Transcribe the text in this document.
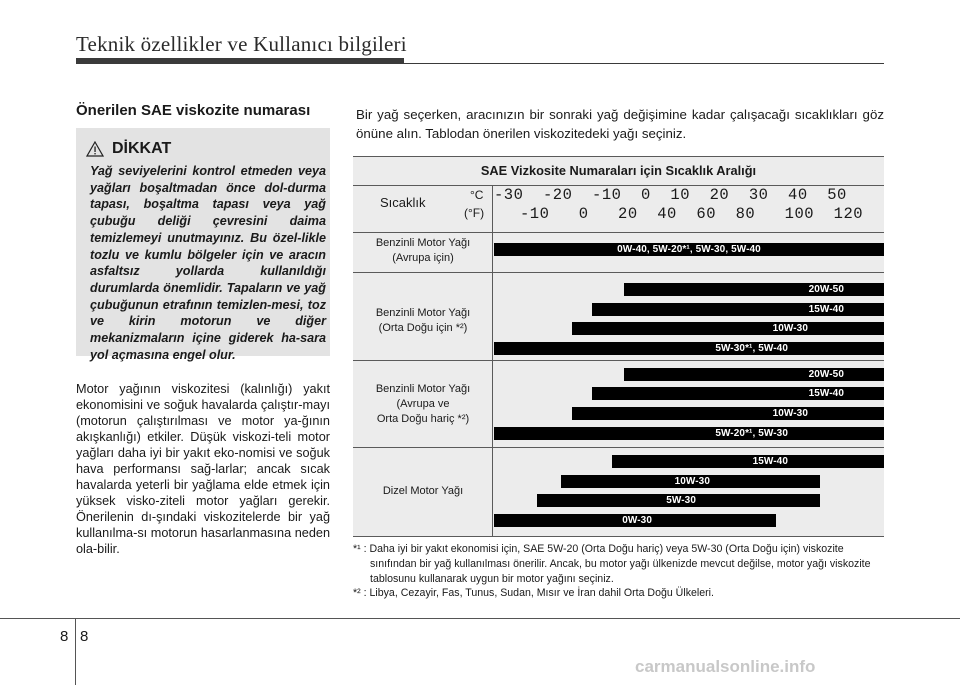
Teknik özellikler ve Kullanıcı bilgileri
Önerilen SAE viskozite numarası
DİKKAT
Yağ seviyelerini kontrol etmeden veya yağları boşaltmadan önce dol-durma tapası, boşaltma tapası veya yağ çubuğu deliği çevresini daima temizlemeyi unutmayınız. Bu özel-likle tozlu ve kumlu bölgeler için ve aracın asfaltsız yollarda kullanıldığı durumlarda önemlidir. Tapaların ve yağ çubuğunun etrafının temizlen-mesi, toz ve kirin motorun ve diğer mekanizmaların içine giderek ha-sara yol açmasına engel olur.
Motor yağının viskozitesi (kalınlığı) yakıt ekonomisini ve soğuk havalarda çalıştır-mayı (motorun çalıştırılması ve motor ya-ğının akışkanlığı) etkiler. Düşük viskozi-teli motor yağları daha iyi bir yakıt eko-nomisi ve soğuk hava performansı sağ-larlar; ancak sıcak havalarda yeterli bir yağlama elde etmek için yüksek visko-ziteli motor yağları gerekir. Önerilenin dı-şındaki viskozitelerde bir yağ kullanılma-sı motorun hasarlanmasına neden ola-bilir.
Bir yağ seçerken, aracınızın bir sonraki yağ değişimine kadar çalışacağı sıcaklıkları göz önüne alın. Tablodan önerilen viskozitedeki yağı seçiniz.
SAE Vizkosite Numaraları için Sıcaklık Aralığı
Sıcaklık	°C
(°F)
-30  -20  -10  0  10  20  30  40  50
-10   0   20  40  60  80   100  120
Benzinli Motor Yağı
(Avrupa için)
0W-40, 5W-20*¹, 5W-30, 5W-40
Benzinli Motor Yağı
(Orta Doğu için *²)
20W-50
15W-40
10W-30
5W-30*¹, 5W-40
Benzinli Motor Yağı
(Avrupa ve
Orta Doğu hariç *²)
20W-50
15W-40
10W-30
5W-20*¹, 5W-30
Dizel Motor Yağı
15W-40
10W-30
5W-30
0W-30
*¹ : Daha iyi bir yakıt ekonomisi için, SAE 5W-20 (Orta Doğu hariç) veya 5W-30 (Orta Doğu için) viskozite sınıfından bir yağ kullanılması önerilir. Ancak, bu motor yağı ülkenizde mevcut değilse, motor yağı viskozite tablosunu kullanarak uygun bir motor yağını seçiniz.
*² : Libya, Cezayir, Fas, Tunus, Sudan, Mısır ve İran dahil Orta Doğu Ülkeleri.
8 8
carmanualsonline.info
